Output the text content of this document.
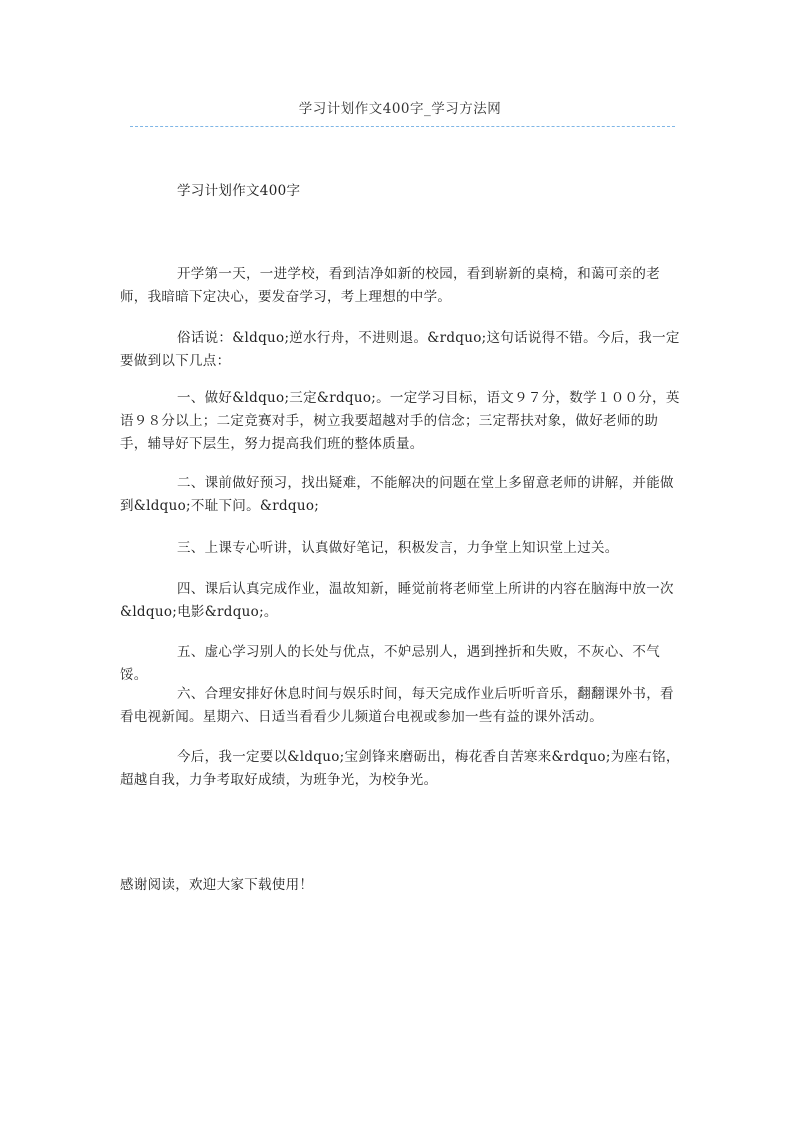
学习计划作文400字_学习方法网

学习计划作文400字

开学第一天，一进学校，看到洁净如新的校园，看到崭新的桌椅，和蔼可亲的老师，我暗暗下定决心，要发奋学习，考上理想的中学。

俗话说：&ldquo;逆水行舟，不进则退。&rdquo;这句话说得不错。今后，我一定要做到以下几点：

一、做好&ldquo;三定&rdquo;。一定学习目标，语文９７分，数学１００分，英语９８分以上；二定竞赛对手，树立我要超越对手的信念；三定帮扶对象，做好老师的助手，辅导好下层生，努力提高我们班的整体质量。

二、课前做好预习，找出疑难，不能解决的问题在堂上多留意老师的讲解，并能做到&ldquo;不耻下问。&rdquo;

三、上课专心听讲，认真做好笔记，积极发言，力争堂上知识堂上过关。

四、课后认真完成作业，温故知新，睡觉前将老师堂上所讲的内容在脑海中放一次&ldquo;电影&rdquo;。

五、虚心学习别人的长处与优点，不妒忌别人，遇到挫折和失败，不灰心、不气馁。

六、合理安排好休息时间与娱乐时间，每天完成作业后听听音乐，翻翻课外书，看看电视新闻。星期六、日适当看看少儿频道台电视或参加一些有益的课外活动。

今后，我一定要以&ldquo;宝剑锋来磨砺出，梅花香自苦寒来&rdquo;为座右铭，超越自我，力争考取好成绩，为班争光，为校争光。

感谢阅读，欢迎大家下载使用！
